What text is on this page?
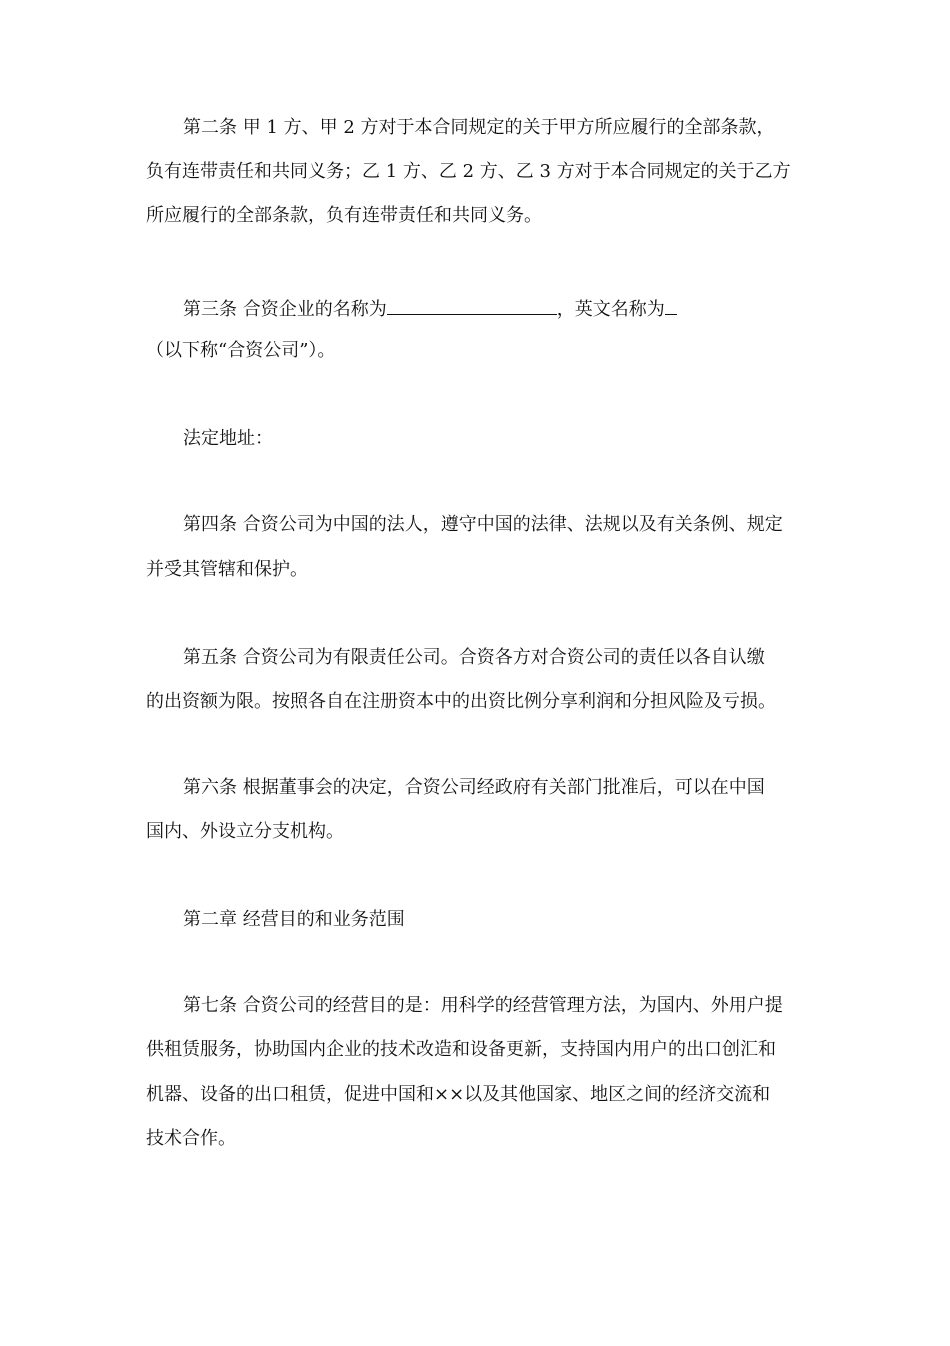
第二条 甲 1 方、甲 2 方对于本合同规定的关于甲方所应履行的全部条款，
负有连带责任和共同义务；乙 1 方、乙 2 方、乙 3 方对于本合同规定的关于乙方
所应履行的全部条款，负有连带责任和共同义务。
第三条 合资企业的名称为	，英文名称为
（以下称“合资公司”）。
法定地址：
第四条 合资公司为中国的法人，遵守中国的法律、法规以及有关条例、规定
并受其管辖和保护。
第五条 合资公司为有限责任公司。合资各方对合资公司的责任以各自认缴
的出资额为限。按照各自在注册资本中的出资比例分享利润和分担风险及亏损。
第六条 根据董事会的决定，合资公司经政府有关部门批准后，可以在中国
国内、外设立分支机构。
第二章 经营目的和业务范围
第七条 合资公司的经营目的是：用科学的经营管理方法，为国内、外用户提
供租赁服务，协助国内企业的技术改造和设备更新，支持国内用户的出口创汇和
机器、设备的出口租赁，促进中国和××以及其他国家、地区之间的经济交流和
技术合作。
